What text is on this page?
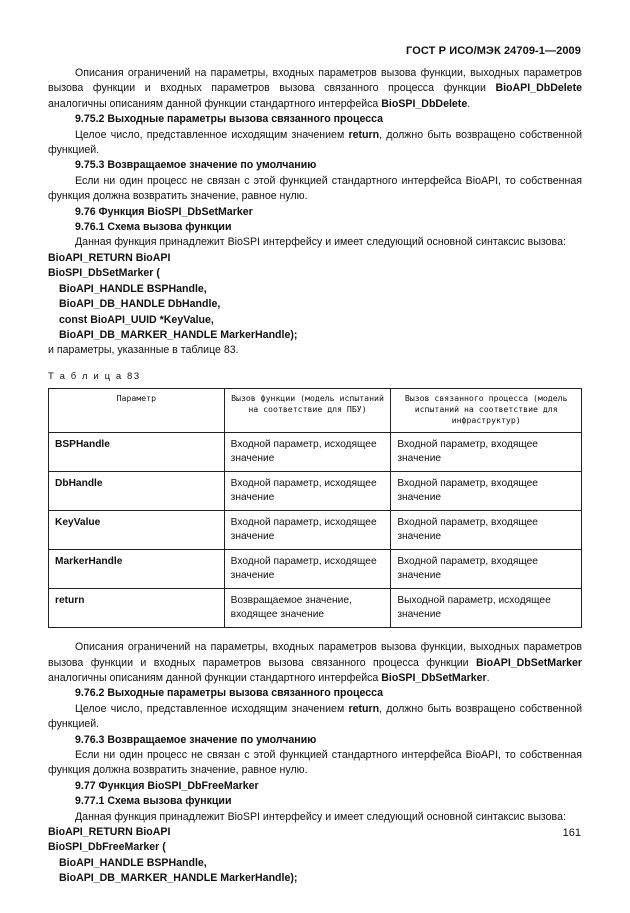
ГОСТ Р ИСО/МЭК 24709-1—2009

Описания ограничений на параметры, входных параметров вызова функции, выходных параметров вызова функции и входных параметров вызова связанного процесса функции BioAPI_DbDelete аналогичны описаниям данной функции стандартного интерфейса BioSPI_DbDelete.

9.75.2 Выходные параметры вызова связанного процесса

Целое число, представленное исходящим значением return, должно быть возвращено собственной функцией.

9.75.3 Возвращаемое значение по умолчанию

Если ни один процесс не связан с этой функцией стандартного интерфейса BioAPI, то собственная функция должна возвратить значение, равное нулю.

9.76 Функция BioSPI_DbSetMarker

9.76.1 Схема вызова функции

Данная функция принадлежит BioSPI интерфейсу и имеет следующий основной синтаксис вызова:

BioAPI_RETURN BioAPI

BioSPI_DbSetMarker (

BioAPI_HANDLE BSPHandle,

BioAPI_DB_HANDLE DbHandle,

const BioAPI_UUID *KeyValue,

BioAPI_DB_MARKER_HANDLE MarkerHandle);

и параметры, указанные в таблице 83.

Т а б л и ц а 83
Параметр	Вызов функции (модель испытаний на соответствие для ПБУ)	Вызов связанного процесса (модель испытаний на соответствие для инфраструктур)
BSPHandle	Входной параметр, исходящее значение	Входной параметр, входящее значение
DbHandle	Входной параметр, исходящее значение	Входной параметр, входящее значение
KeyValue	Входной параметр, исходящее значение	Входной параметр, входящее значение
MarkerHandle	Входной параметр, исходящее значение	Входной параметр, входящее значение
return	Возвращаемое значение, входящее значение	Выходной параметр, исходящее значение

Описания ограничений на параметры, входных параметров вызова функции, выходных параметров вызова функции и входных параметров вызова связанного процесса функции BioAPI_DbSetMarker аналогичны описаниям данной функции стандартного интерфейса BioSPI_DbSetMarker.

9.76.2 Выходные параметры вызова связанного процесса

Целое число, представленное исходящим значением return, должно быть возвращено собственной функцией.

9.76.3 Возвращаемое значение по умолчанию

Если ни один процесс не связан с этой функцией стандартного интерфейса BioAPI, то собственная функция должна возвратить значение, равное нулю.

9.77 Функция BioSPI_DbFreeMarker

9.77.1 Схема вызова функции

Данная функция принадлежит BioSPI интерфейсу и имеет следующий основной синтаксис вызова:

BioAPI_RETURN BioAPI

BioSPI_DbFreeMarker (

BioAPI_HANDLE BSPHandle,

BioAPI_DB_MARKER_HANDLE MarkerHandle);

161
